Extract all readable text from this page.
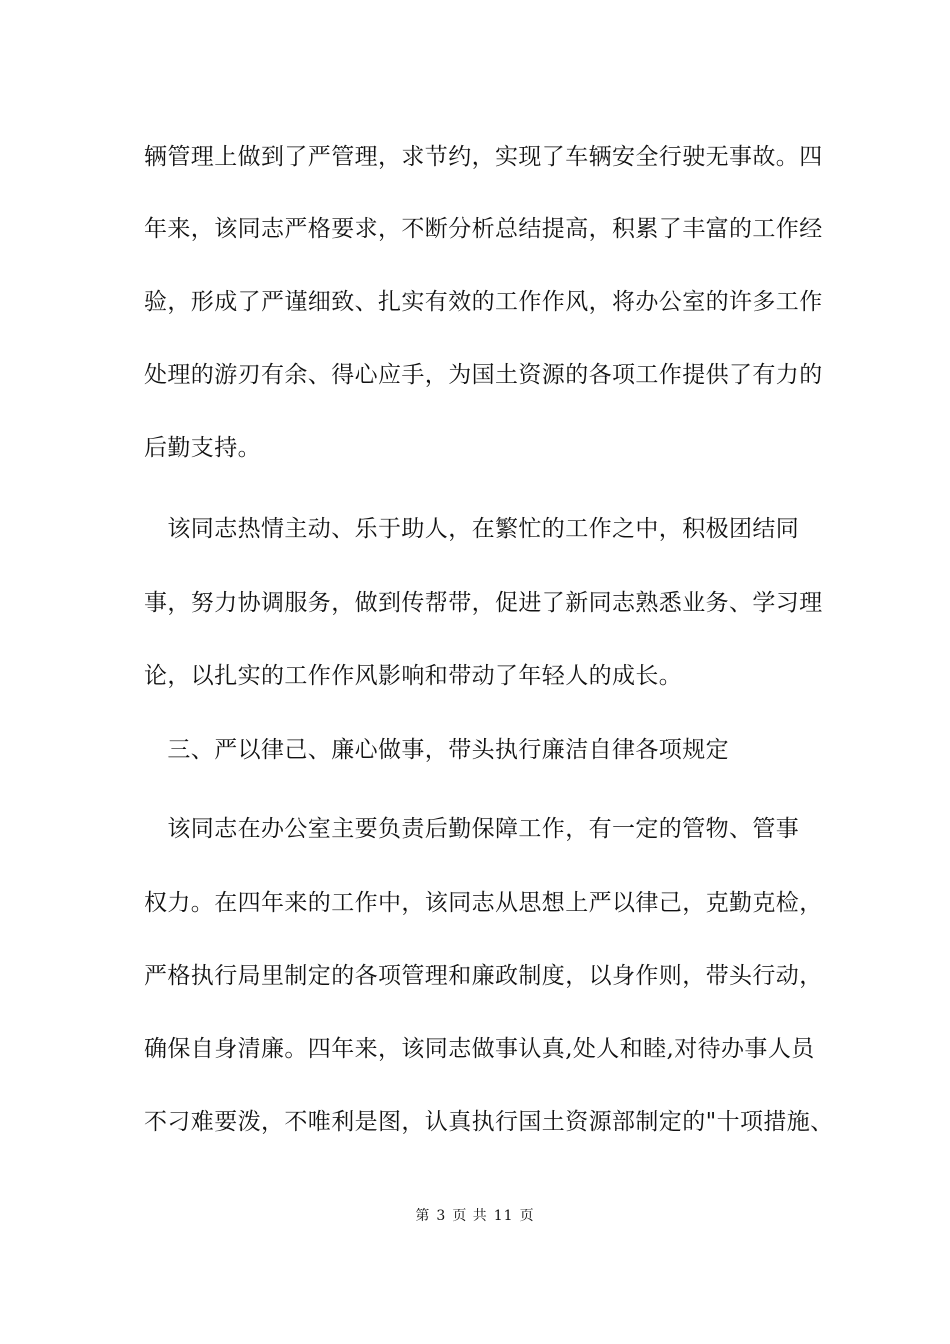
辆管理上做到了严管理，求节约，实现了车辆安全行驶无事故。四
年来，该同志严格要求，不断分析总结提高，积累了丰富的工作经
验，形成了严谨细致、扎实有效的工作作风，将办公室的许多工作
处理的游刃有余、得心应手，为国土资源的各项工作提供了有力的
后勤支持。
　该同志热情主动、乐于助人，在繁忙的工作之中，积极团结同
事，努力协调服务，做到传帮带，促进了新同志熟悉业务、学习理
论，以扎实的工作作风影响和带动了年轻人的成长。
　三、严以律己、廉心做事，带头执行廉洁自律各项规定
　该同志在办公室主要负责后勤保障工作，有一定的管物、管事
权力。在四年来的工作中，该同志从思想上严以律己，克勤克检，
严格执行局里制定的各项管理和廉政制度，以身作则，带头行动，
确保自身清廉。四年来，该同志做事认真,处人和睦,对待办事人员
不刁难要泼，不唯利是图，认真执行国土资源部制定的"十项措施、
第 3 页 共 11 页
